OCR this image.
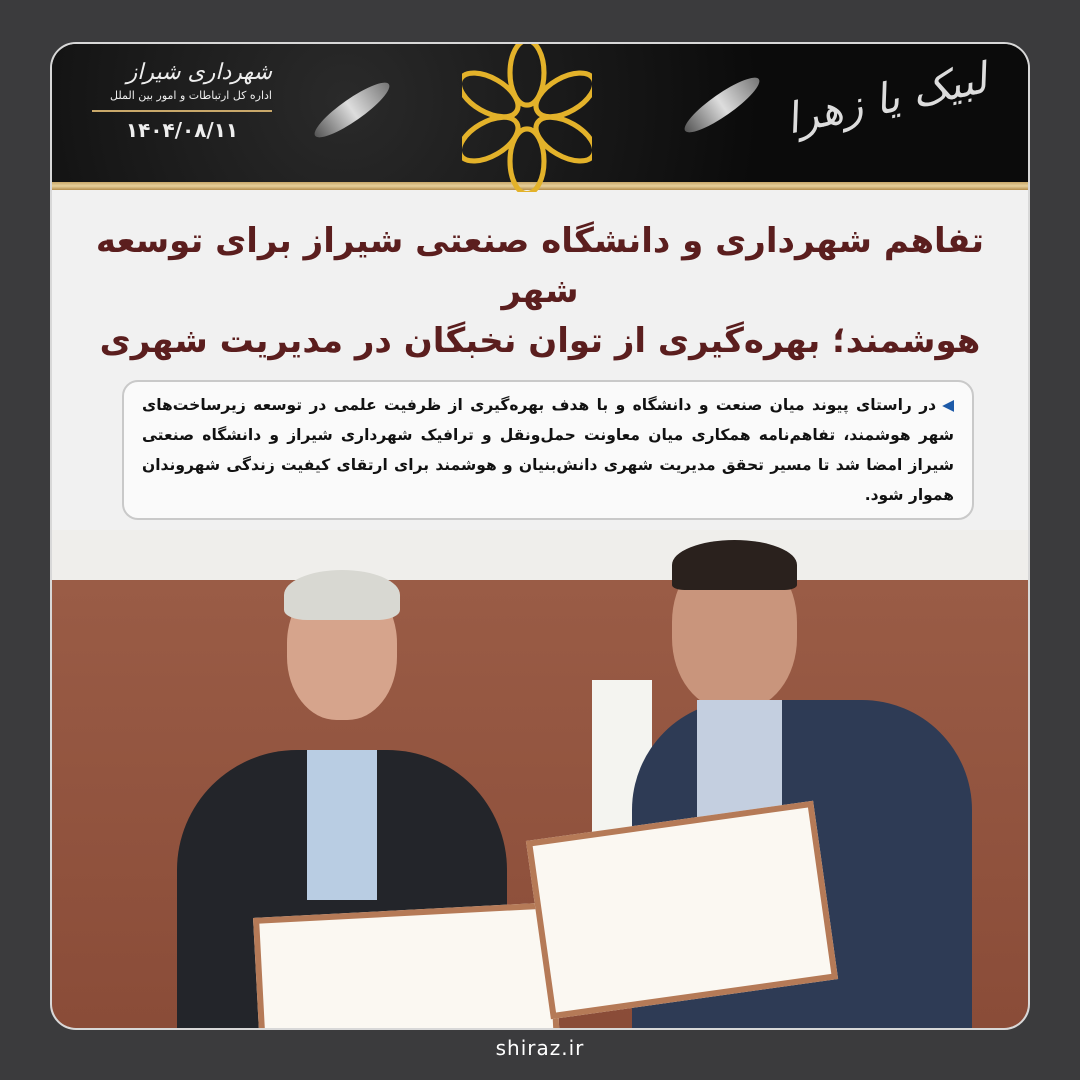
شهرداری شیراز
اداره کل ارتباطات و امور بین الملل
۱۴۰۴/۰۸/۱۱	لبیک یا زهرا
تفاهم شهرداری و دانشگاه صنعتی شیراز برای توسعه شهر
هوشمند؛ بهره‌گیری از توان نخبگان در مدیریت شهری
◀در راستای پیوند میان صنعت و دانشگاه و با هدف بهره‌گیری از ظرفیت علمی در توسعه زیرساخت‌های شهر هوشمند، تفاهم‌نامه همکاری میان معاونت حمل‌ونقل و ترافیک شهرداری شیراز و دانشگاه صنعتی شیراز امضا شد تا مسیر تحقق مدیریت شهری دانش‌بنیان و هوشمند برای ارتقای کیفیت زندگی شهروندان هموار شود.
shiraz.ir
